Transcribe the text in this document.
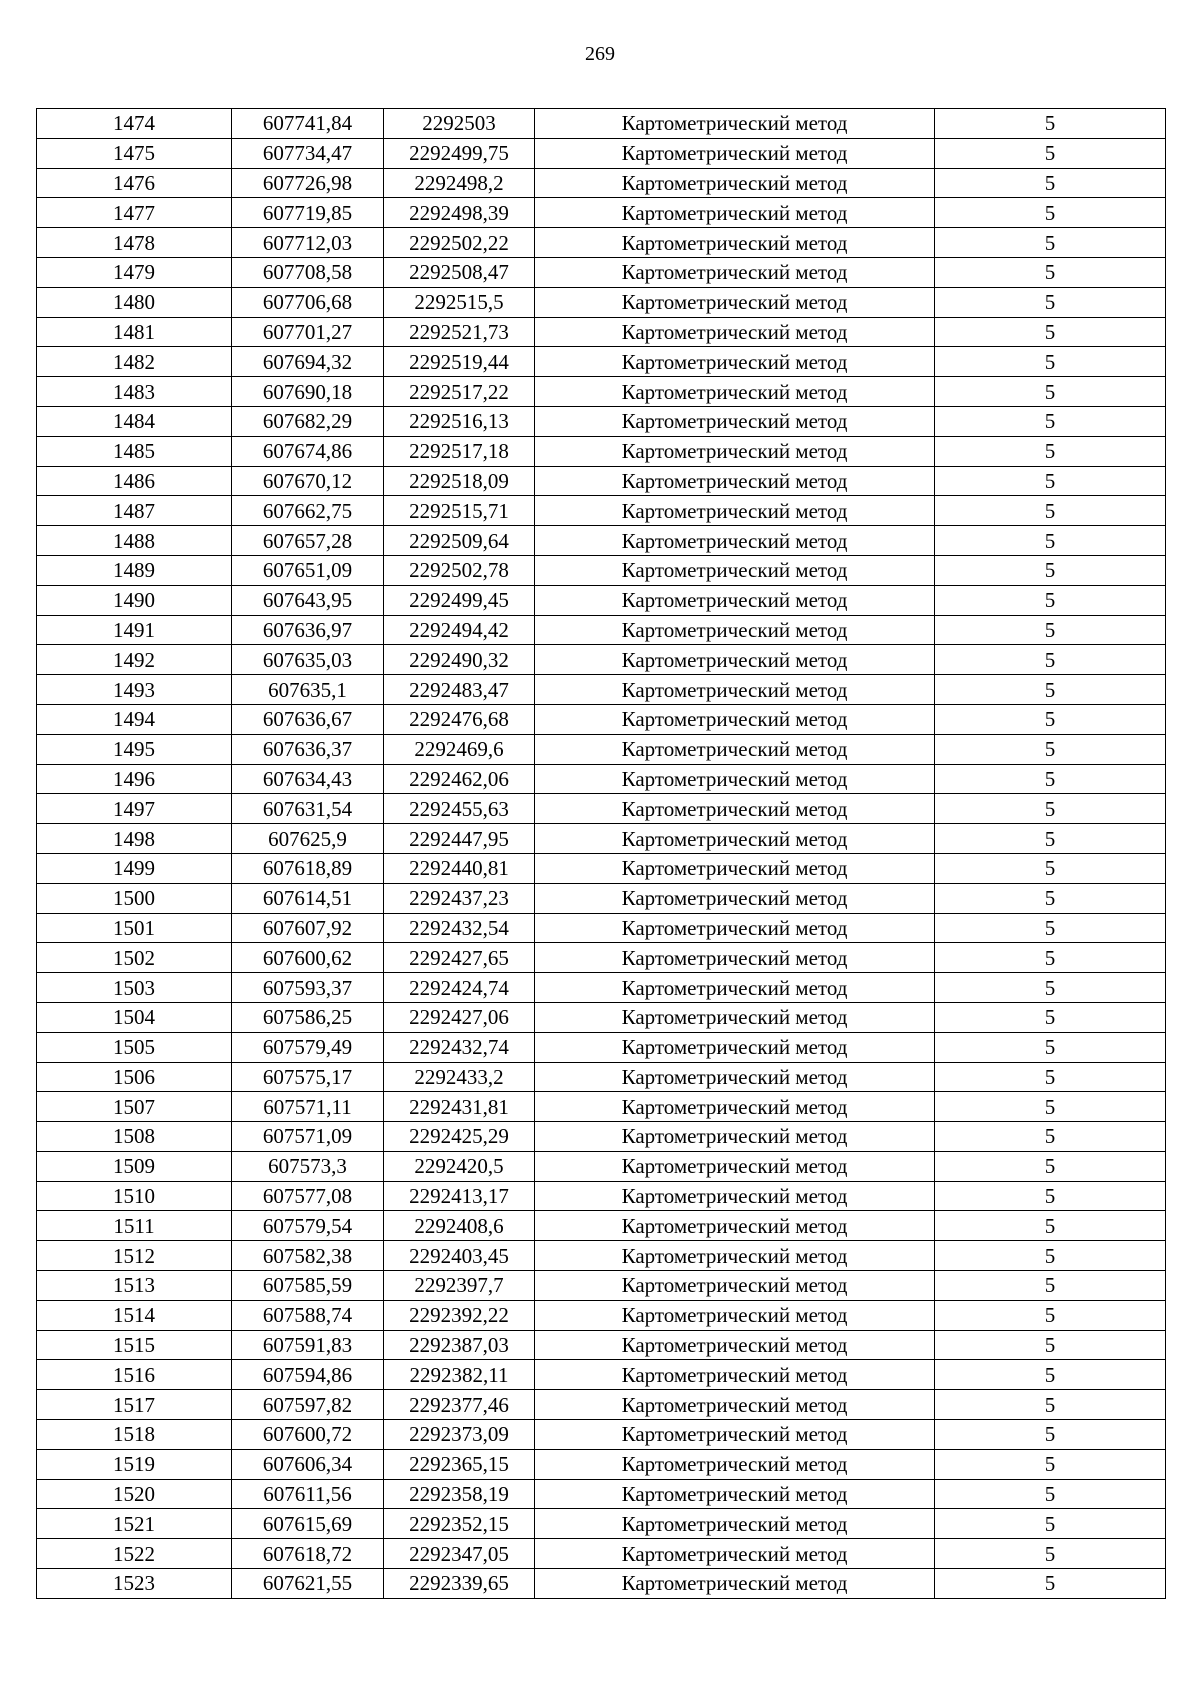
269
1474	607741,84	2292503	Картометрический метод	5
1475	607734,47	2292499,75	Картометрический метод	5
1476	607726,98	2292498,2	Картометрический метод	5
1477	607719,85	2292498,39	Картометрический метод	5
1478	607712,03	2292502,22	Картометрический метод	5
1479	607708,58	2292508,47	Картометрический метод	5
1480	607706,68	2292515,5	Картометрический метод	5
1481	607701,27	2292521,73	Картометрический метод	5
1482	607694,32	2292519,44	Картометрический метод	5
1483	607690,18	2292517,22	Картометрический метод	5
1484	607682,29	2292516,13	Картометрический метод	5
1485	607674,86	2292517,18	Картометрический метод	5
1486	607670,12	2292518,09	Картометрический метод	5
1487	607662,75	2292515,71	Картометрический метод	5
1488	607657,28	2292509,64	Картометрический метод	5
1489	607651,09	2292502,78	Картометрический метод	5
1490	607643,95	2292499,45	Картометрический метод	5
1491	607636,97	2292494,42	Картометрический метод	5
1492	607635,03	2292490,32	Картометрический метод	5
1493	607635,1	2292483,47	Картометрический метод	5
1494	607636,67	2292476,68	Картометрический метод	5
1495	607636,37	2292469,6	Картометрический метод	5
1496	607634,43	2292462,06	Картометрический метод	5
1497	607631,54	2292455,63	Картометрический метод	5
1498	607625,9	2292447,95	Картометрический метод	5
1499	607618,89	2292440,81	Картометрический метод	5
1500	607614,51	2292437,23	Картометрический метод	5
1501	607607,92	2292432,54	Картометрический метод	5
1502	607600,62	2292427,65	Картометрический метод	5
1503	607593,37	2292424,74	Картометрический метод	5
1504	607586,25	2292427,06	Картометрический метод	5
1505	607579,49	2292432,74	Картометрический метод	5
1506	607575,17	2292433,2	Картометрический метод	5
1507	607571,11	2292431,81	Картометрический метод	5
1508	607571,09	2292425,29	Картометрический метод	5
1509	607573,3	2292420,5	Картометрический метод	5
1510	607577,08	2292413,17	Картометрический метод	5
1511	607579,54	2292408,6	Картометрический метод	5
1512	607582,38	2292403,45	Картометрический метод	5
1513	607585,59	2292397,7	Картометрический метод	5
1514	607588,74	2292392,22	Картометрический метод	5
1515	607591,83	2292387,03	Картометрический метод	5
1516	607594,86	2292382,11	Картометрический метод	5
1517	607597,82	2292377,46	Картометрический метод	5
1518	607600,72	2292373,09	Картометрический метод	5
1519	607606,34	2292365,15	Картометрический метод	5
1520	607611,56	2292358,19	Картометрический метод	5
1521	607615,69	2292352,15	Картометрический метод	5
1522	607618,72	2292347,05	Картометрический метод	5
1523	607621,55	2292339,65	Картометрический метод	5
